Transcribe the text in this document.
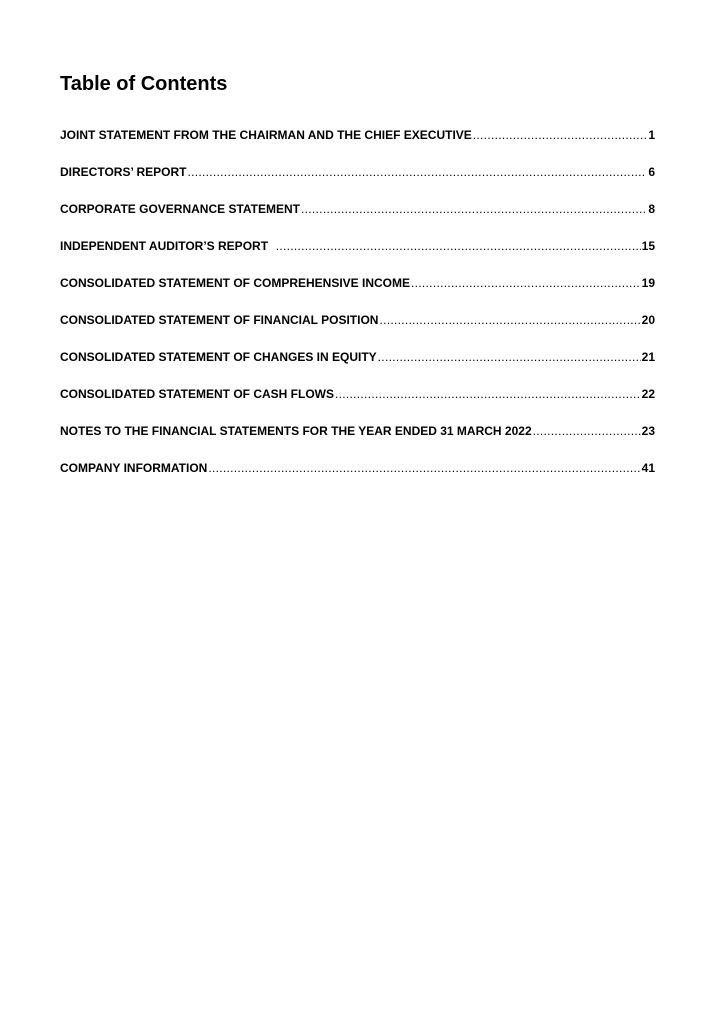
Table of Contents
JOINT STATEMENT FROM THE CHAIRMAN AND THE CHIEF EXECUTIVE .....	1
DIRECTORS’ REPORT .....	6
CORPORATE GOVERNANCE STATEMENT .....	8
INDEPENDENT AUDITOR’S REPORT .....	15
CONSOLIDATED STATEMENT OF COMPREHENSIVE INCOME .....	19
CONSOLIDATED STATEMENT OF FINANCIAL POSITION .....	20
CONSOLIDATED STATEMENT OF CHANGES IN EQUITY .....	21
CONSOLIDATED STATEMENT OF CASH FLOWS .....	22
NOTES TO THE FINANCIAL STATEMENTS FOR THE YEAR ENDED 31 MARCH 2022 .....	23
COMPANY INFORMATION .....	41
